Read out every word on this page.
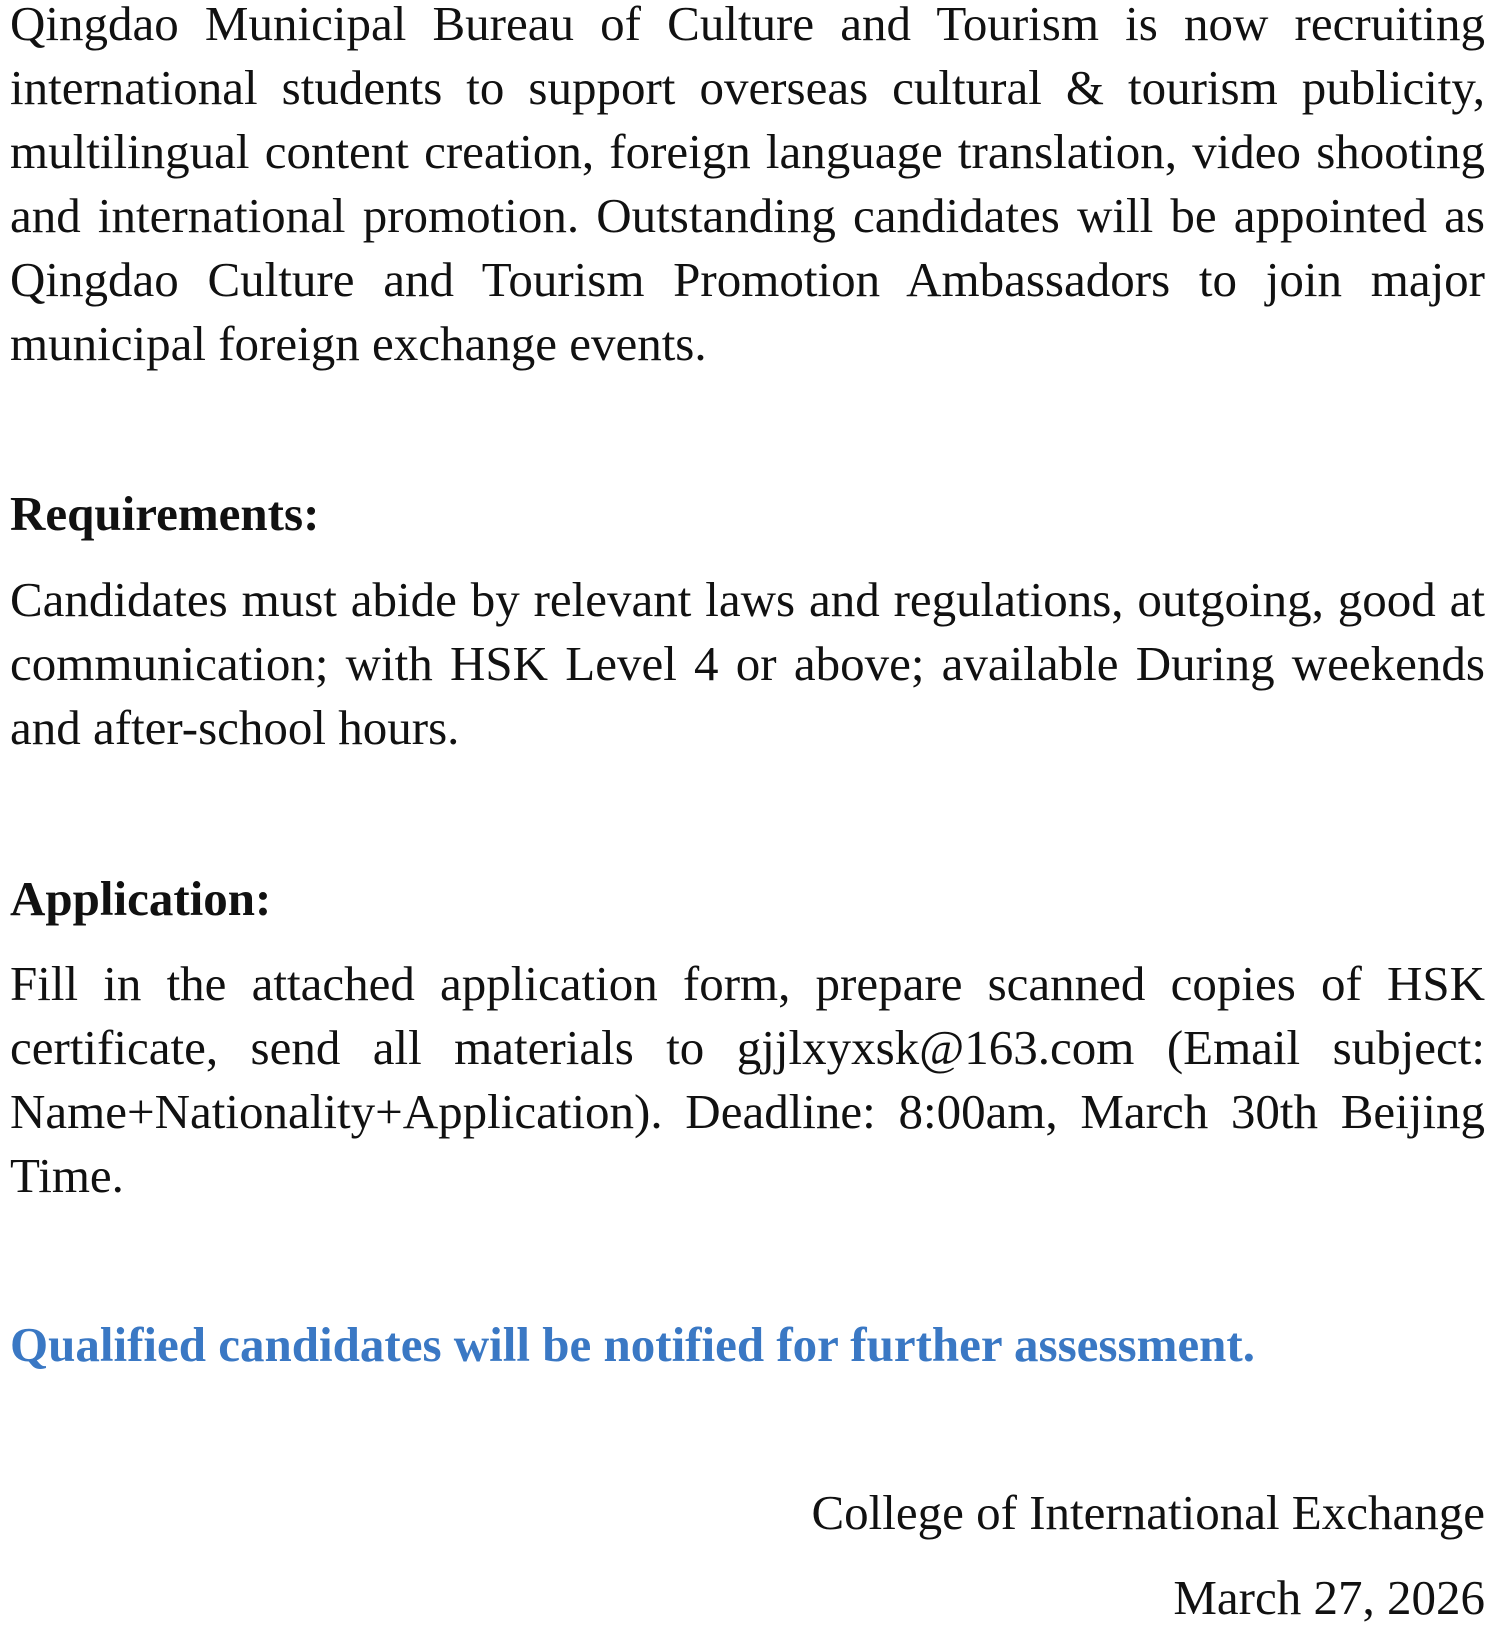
Qingdao Municipal Bureau of Culture and Tourism is now recruiting international students to support overseas cultural & tourism publicity, multilingual content creation, foreign language translation, video shooting and international promotion. Outstanding candidates will be appointed as Qingdao Culture and Tourism Promotion Ambassadors to join major municipal foreign exchange events.

Requirements:

Candidates must abide by relevant laws and regulations, outgoing, good at communication; with HSK Level 4 or above; available During weekends and after-school hours.

Application:

Fill in the attached application form, prepare scanned copies of HSK certificate, send all materials to gjjlxyxsk@163.com (Email subject: Name+Nationality+Application). Deadline: 8:00am, March 30th Beijing Time.

Qualified candidates will be notified for further assessment.

College of International Exchange

March 27, 2026
